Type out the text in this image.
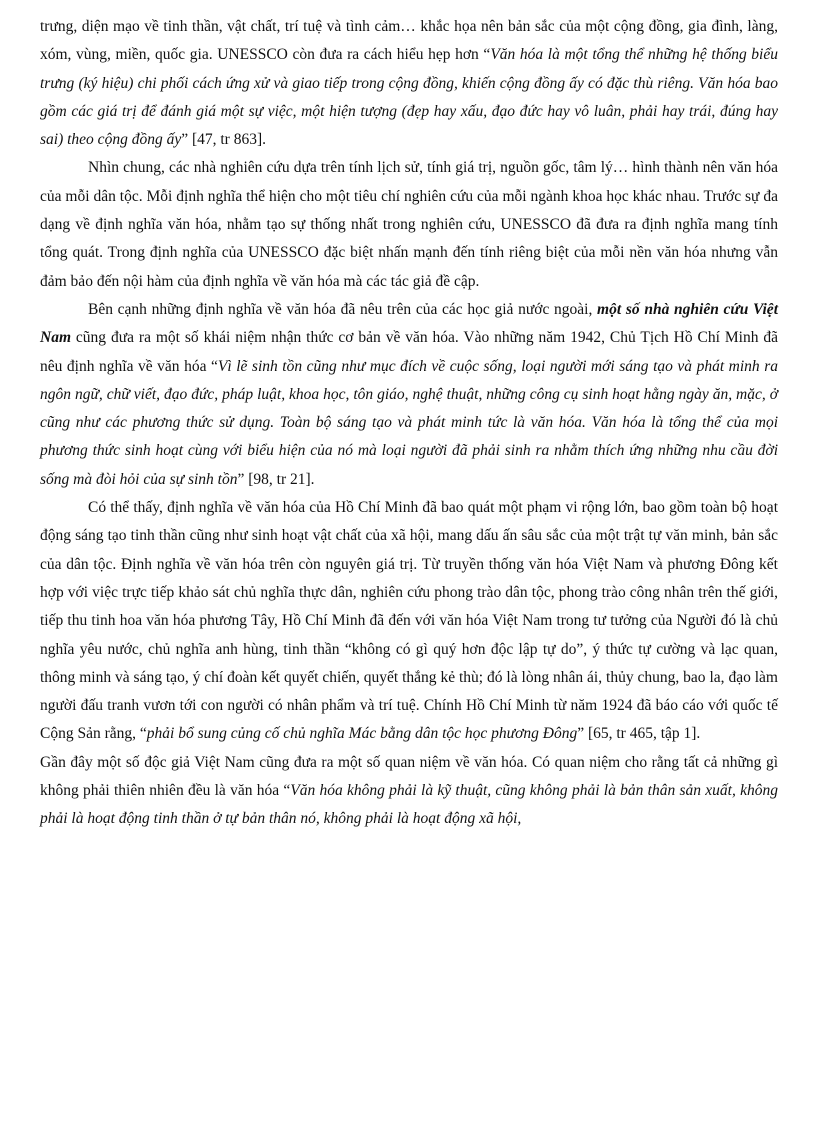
trưng, diện mạo về tinh thần, vật chất, trí tuệ và tình cảm… khắc họa nên bản sắc của một cộng đồng, gia đình, làng, xóm, vùng, miền, quốc gia. UNESSCO còn đưa ra cách hiểu hẹp hơn “Văn hóa là một tổng thể những hệ thống biểu trưng (ký hiệu) chi phối cách ứng xử và giao tiếp trong cộng đồng, khiến cộng đồng ấy có đặc thù riêng. Văn hóa bao gồm các giá trị để đánh giá một sự việc, một hiện tượng (đẹp hay xấu, đạo đức hay vô luân, phải hay trái, đúng hay sai) theo cộng đồng ấy” [47, tr 863].

Nhìn chung, các nhà nghiên cứu dựa trên tính lịch sử, tính giá trị, nguồn gốc, tâm lý… hình thành nên văn hóa của mỗi dân tộc. Mỗi định nghĩa thể hiện cho một tiêu chí nghiên cứu của mỗi ngành khoa học khác nhau. Trước sự đa dạng về định nghĩa văn hóa, nhằm tạo sự thống nhất trong nghiên cứu, UNESSCO đã đưa ra định nghĩa mang tính tổng quát. Trong định nghĩa của UNESSCO đặc biệt nhấn mạnh đến tính riêng biệt của mỗi nền văn hóa nhưng vẫn đảm bảo đến nội hàm của định nghĩa về văn hóa mà các tác giả đề cập.

Bên cạnh những định nghĩa về văn hóa đã nêu trên của các học giả nước ngoài, một số nhà nghiên cứu Việt Nam cũng đưa ra một số khái niệm nhận thức cơ bản về văn hóa. Vào những năm 1942, Chủ Tịch Hồ Chí Minh đã nêu định nghĩa về văn hóa “Vì lẽ sinh tồn cũng như mục đích về cuộc sống, loại người mới sáng tạo và phát minh ra ngôn ngữ, chữ viết, đạo đức, pháp luật, khoa học, tôn giáo, nghệ thuật, những công cụ sinh hoạt hằng ngày ăn, mặc, ở cũng như các phương thức sử dụng. Toàn bộ sáng tạo và phát minh tức là văn hóa. Văn hóa là tổng thể của mọi phương thức sinh hoạt cùng với biểu hiện của nó mà loại người đã phải sinh ra nhằm thích ứng những nhu cầu đời sống mà đòi hỏi của sự sinh tồn” [98, tr 21].

Có thể thấy, định nghĩa về văn hóa của Hồ Chí Minh đã bao quát một phạm vi rộng lớn, bao gồm toàn bộ hoạt động sáng tạo tinh thần cũng như sinh hoạt vật chất của xã hội, mang dấu ấn sâu sắc của một trật tự văn minh, bản sắc của dân tộc. Định nghĩa về văn hóa trên còn nguyên giá trị. Từ truyền thống văn hóa Việt Nam và phương Đông kết hợp với việc trực tiếp khảo sát chủ nghĩa thực dân, nghiên cứu phong trào dân tộc, phong trào công nhân trên thế giới, tiếp thu tinh hoa văn hóa phương Tây, Hồ Chí Minh đã đến với văn hóa Việt Nam trong tư tưởng của Người đó là chủ nghĩa yêu nước, chủ nghĩa anh hùng, tinh thần “không có gì quý hơn độc lập tự do”, ý thức tự cường và lạc quan, thông minh và sáng tạo, ý chí đoàn kết quyết chiến, quyết thắng kẻ thù; đó là lòng nhân ái, thủy chung, bao la, đạo làm người đấu tranh vươn tới con người có nhân phẩm và trí tuệ. Chính Hồ Chí Minh từ năm 1924 đã báo cáo với quốc tế Cộng Sản rằng, “phải bổ sung củng cố chủ nghĩa Mác bằng dân tộc học phương Đông” [65, tr 465, tập 1].

Gần đây một số độc giả Việt Nam cũng đưa ra một số quan niệm về văn hóa. Có quan niệm cho rằng tất cả những gì không phải thiên nhiên đều là văn hóa “Văn hóa không phải là kỹ thuật, cũng không phải là bản thân sản xuất, không phải là hoạt động tinh thần ở tự bản thân nó, không phải là hoạt động xã hội,
